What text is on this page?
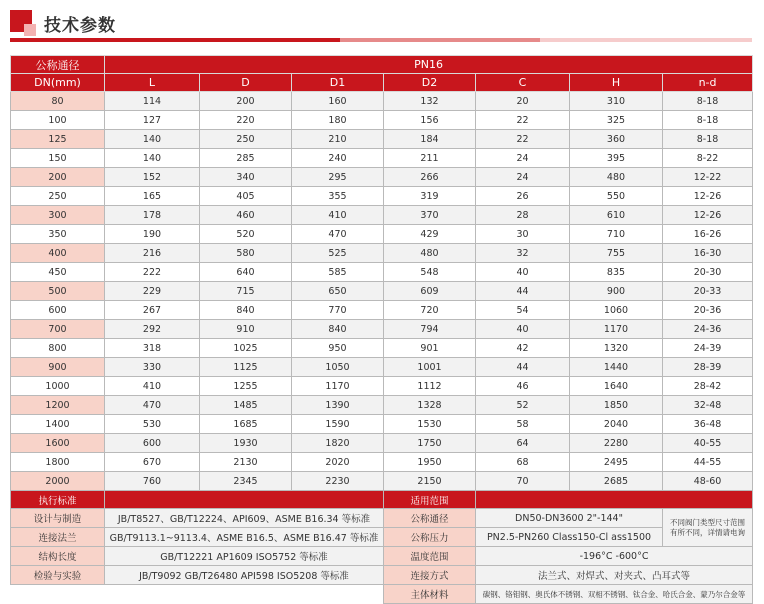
技术参数
公称通径	PN16						
DN(mm)	L	D	D1	D2	C	H	n-d
80	114	200	160	132	20	310	8-18
100	127	220	180	156	22	325	8-18
125	140	250	210	184	22	360	8-18
150	140	285	240	211	24	395	8-22
200	152	340	295	266	24	480	12-22
250	165	405	355	319	26	550	12-26
300	178	460	410	370	28	610	12-26
350	190	520	470	429	30	710	16-26
400	216	580	525	480	32	755	16-30
450	222	640	585	548	40	835	20-30
500	229	715	650	609	44	900	20-33
600	267	840	770	720	54	1060	20-36
700	292	910	840	794	40	1170	24-36
800	318	1025	950	901	42	1320	24-39
900	330	1125	1050	1001	44	1440	28-39
1000	410	1255	1170	1112	46	1640	28-42
1200	470	1485	1390	1328	52	1850	32-48
1400	530	1685	1590	1530	58	2040	36-48
1600	600	1930	1820	1750	64	2280	40-55
1800	670	2130	2020	1950	68	2495	44-55
2000	760	2345	2230	2150	70	2685	48-60
执行标准				适用范围			
设计与制造	JB/T8527、GB/T12224、API609、ASME B16.34 等标准			公称通径	DN50-DN3600 2"-144"		不同阀门类型尺寸范围
有所不同，详情请电询
连接法兰	GB/T9113.1~9113.4、ASME B16.5、ASME B16.47 等标准			公称压力	PN2.5-PN260 Class150-Cl ass1500		
结构长度	GB/T12221 AP1609 ISO5752 等标准			温度范围	-196°C -600°C		
检验与实验	JB/T9092 GB/T26480 API598 ISO5208 等标准			连接方式	法兰式、对焊式、对夹式、凸耳式等		
				主体材料	碳钢、铬钼钢、奥氏体不锈钢、双相不锈钢、钛合金、哈氏合金、蒙乃尔合金等		
